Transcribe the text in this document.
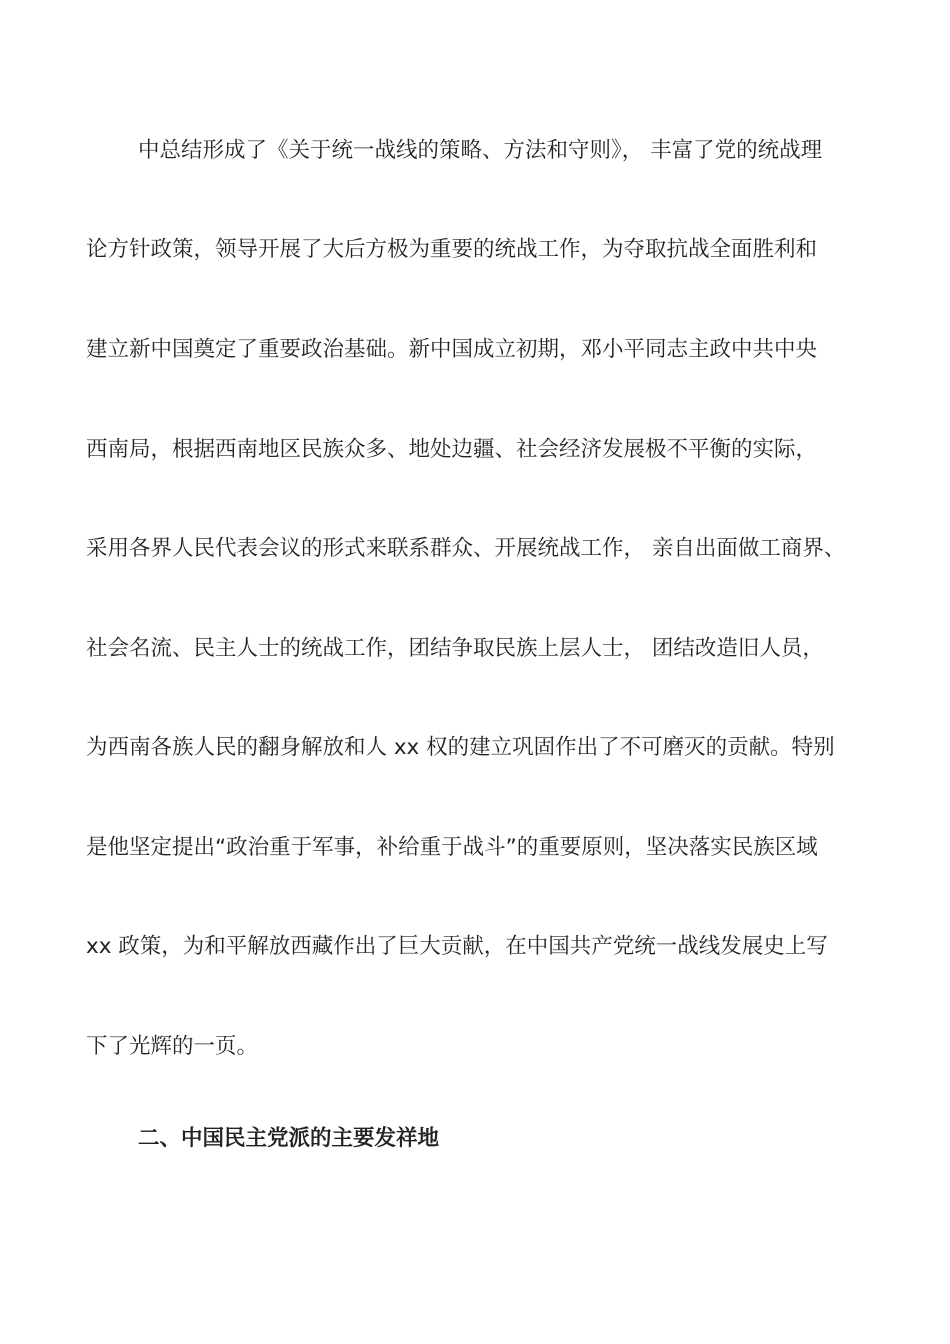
中总结形成了《关于统一战线的策略、方法和守则》， 丰富了党的统战理
论方针政策，领导开展了大后方极为重要的统战工作，为夺取抗战全面胜利和
建立新中国奠定了重要政治基础。新中国成立初期，邓小平同志主政中共中央
西南局，根据西南地区民族众多、地处边疆、社会经济发展极不平衡的实际，
采用各界人民代表会议的形式来联系群众、开展统战工作， 亲自出面做工商界、
社会名流、民主人士的统战工作，团结争取民族上层人士， 团结改造旧人员，
为西南各族人民的翻身解放和人 xx 权的建立巩固作出了不可磨灭的贡献。特别
是他坚定提出“政治重于军事，补给重于战斗”的重要原则，坚决落实民族区域
xx 政策，为和平解放西藏作出了巨大贡献，在中国共产党统一战线发展史上写
下了光辉的一页。
二、中国民主党派的主要发祥地
